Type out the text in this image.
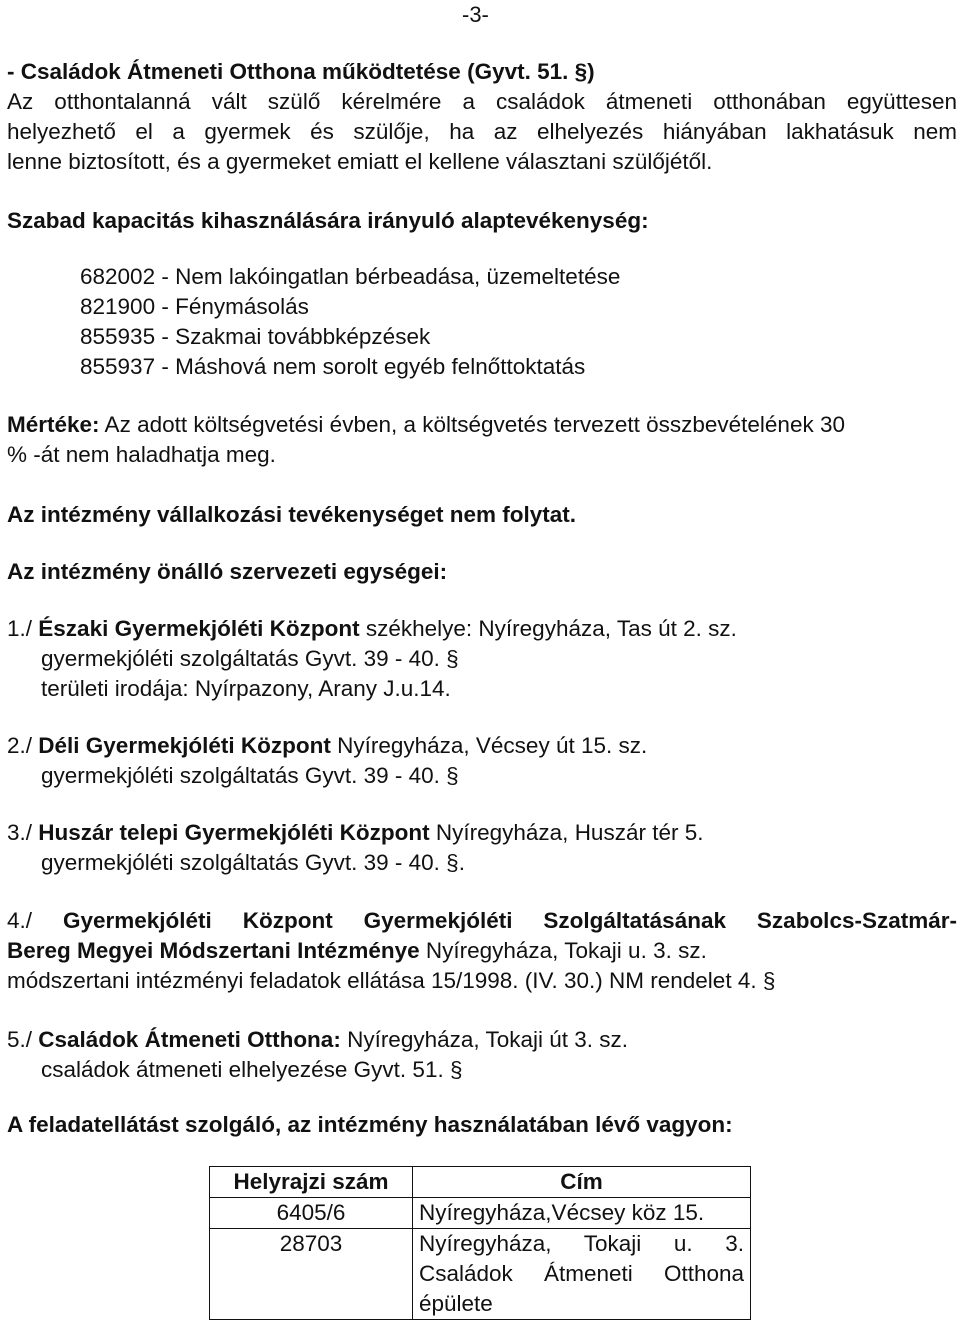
-3-
- Családok Átmeneti Otthona működtetése (Gyvt. 51. §)
Az otthontalanná vált szülő kérelmére a családok átmeneti otthonában együttesen
helyezhető el a gyermek és szülője, ha az elhelyezés hiányában lakhatásuk nem
lenne biztosított, és a gyermeket emiatt el kellene választani szülőjétől.
Szabad kapacitás kihasználására irányuló alaptevékenység:
682002 - Nem lakóingatlan bérbeadása, üzemeltetése
821900 - Fénymásolás
855935 - Szakmai továbbképzések
855937 - Máshová nem sorolt egyéb felnőttoktatás
Mértéke: Az adott költségvetési évben, a költségvetés tervezett összbevételének 30
% -át nem haladhatja meg.
Az intézmény vállalkozási tevékenységet nem folytat.
Az intézmény önálló szervezeti egységei:
1./ Északi Gyermekjóléti Központ székhelye: Nyíregyháza, Tas út 2. sz.
gyermekjóléti szolgáltatás Gyvt. 39 - 40. §
területi irodája: Nyírpazony, Arany J.u.14.
2./ Déli Gyermekjóléti Központ Nyíregyháza, Vécsey út 15. sz.
gyermekjóléti szolgáltatás Gyvt. 39 - 40. §
3./ Huszár telepi Gyermekjóléti Központ Nyíregyháza, Huszár tér 5.
gyermekjóléti szolgáltatás Gyvt. 39 - 40. §.
4./ Gyermekjóléti Központ Gyermekjóléti Szolgáltatásának Szabolcs-Szatmár-
Bereg Megyei Módszertani Intézménye Nyíregyháza, Tokaji u. 3. sz.
módszertani intézményi feladatok ellátása 15/1998. (IV. 30.) NM rendelet 4. §
5./ Családok Átmeneti Otthona: Nyíregyháza, Tokaji út 3. sz.
családok átmeneti elhelyezése Gyvt. 51. §
A feladatellátást szolgáló, az intézmény használatában lévő vagyon:
Helyrajzi szám	Cím
6405/6	Nyíregyháza,Vécsey köz 15.

28703	Nyíregyháza, Tokaji u. 3.
Családok Átmeneti Otthona
épülete
